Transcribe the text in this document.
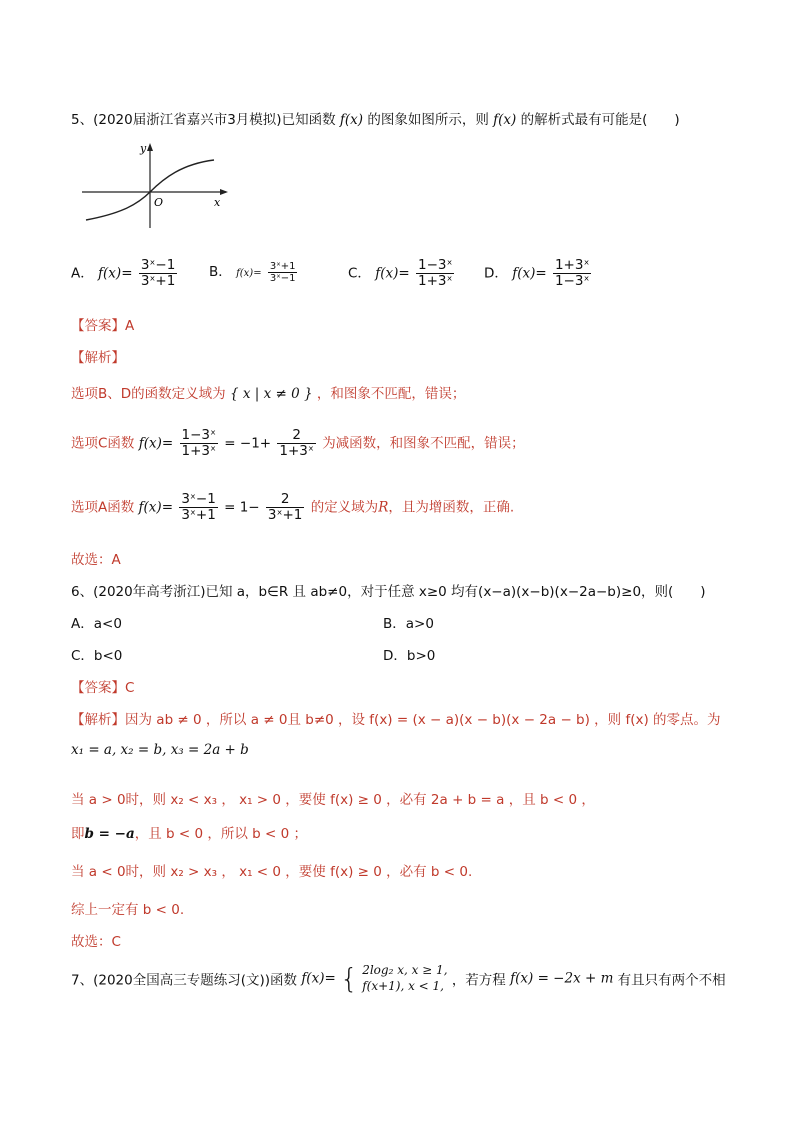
5、(2020届浙江省嘉兴市3月模拟)已知函数 f(x) 的图象如图所示，则 f(x) 的解析式最有可能是(　　)
y
x
O
A． $f(x)= \frac{\text{3ˣ−1}}{\text{3ˣ+1}}$ B． $f(x)= \frac{\text{3ˣ+1}}{\text{3ˣ−1}}$	C． $f(x)= \frac{\text{1−3ˣ}}{\text{1+3ˣ}}$ D． $f(x)= \frac{\text{1+3ˣ}}{\text{1−3ˣ}}$
【答案】A
【解析】
选项B、D的函数定义域为 { x | x ≠ 0 } ，和图象不匹配，错误；
选项C函数 $f(x)= \frac{\text{1−3ˣ}}{\text{1+3ˣ}} = -1+ \frac{2}{\text{1+3ˣ}}$ 为减函数，和图象不匹配，错误；
选项A函数 $f(x)= \frac{\text{3ˣ−1}}{\text{3ˣ+1}} = 1- \frac{2}{\text{3ˣ+1}}$ 的定义域为R，且为增函数，正确.
故选：A
6、(2020年高考浙江)已知 a，b∈R 且 ab≠0，对于任意 x≥0 均有(x−a)(x−b)(x−2a−b)≥0，则(　　)
A．a<0	B．a>0
C．b<0	D．b>0
【答案】C
【解析】因为 ab ≠ 0 ，所以 a ≠ 0且 b≠0 ，设 f(x) = (x − a)(x − b)(x − 2a − b) ，则 f(x) 的零点。为
x₁ = a, x₂ = b, x₃ = 2a + b
当 a > 0时，则 x₂ < x₃ ， x₁ > 0 ，要使 f(x) ≥ 0 ，必有 2a + b = a ，且 b < 0 ，
即b = −a，且 b < 0 ，所以 b < 0 ；
当 a < 0时，则 x₂ > x₃ ， x₁ < 0 ，要使 f(x) ≥ 0 ，必有 b < 0.
综上一定有 b < 0.
故选：C
7、(2020全国高三专题练习(文))函数 f(x)= { 2log₂ x, x ≥ 1,
f(x+1), x < 1, ，若方程 f(x) = −2x + m 有且只有两个不相
